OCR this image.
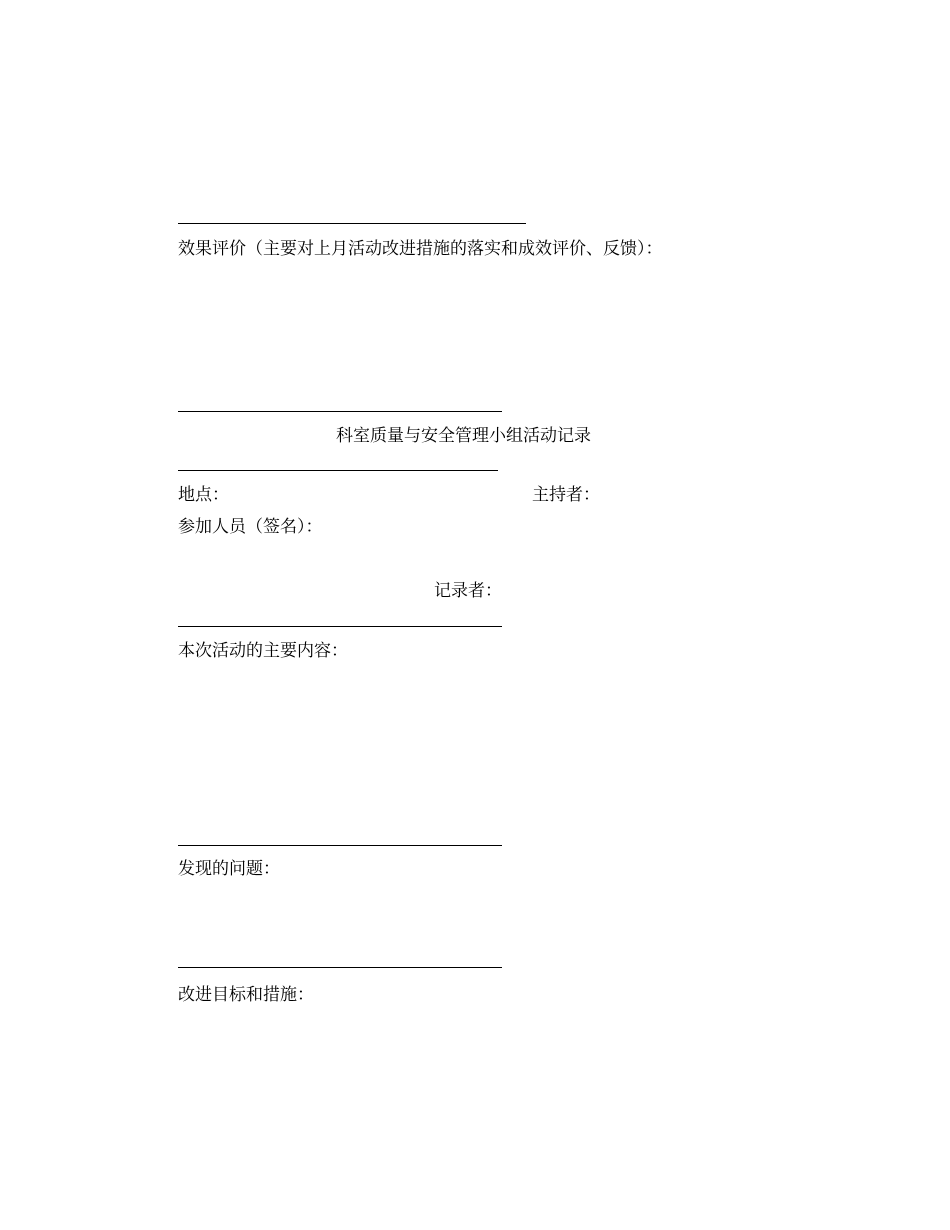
效果评价（主要对上月活动改进措施的落实和成效评价、反馈）：
科室质量与安全管理小组活动记录
地点：	主持者：
参加人员（签名）：
记录者：
本次活动的主要内容：
发现的问题：
改进目标和措施：
